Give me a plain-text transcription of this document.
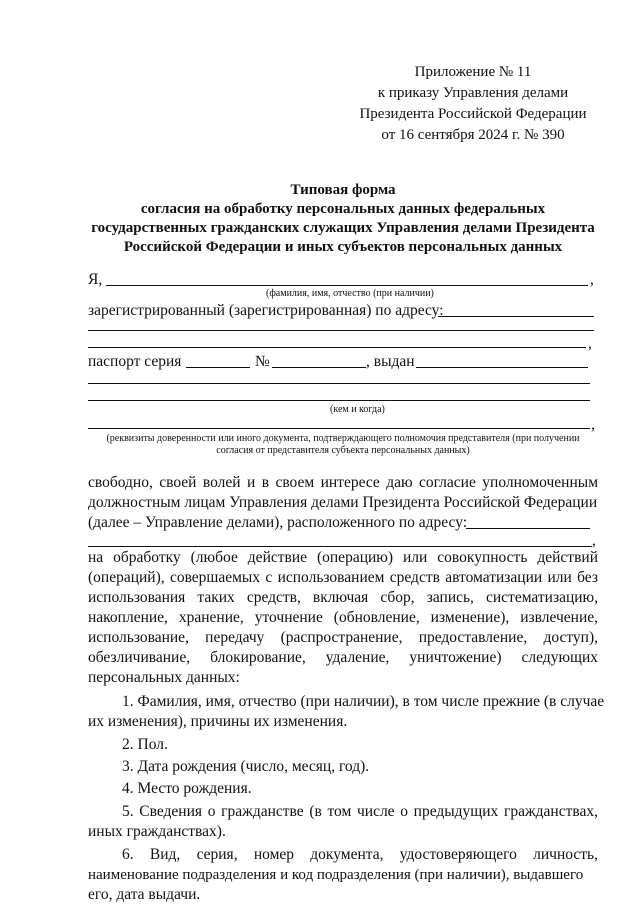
Приложение № 11
к приказу Управления делами
Президента Российской Федерации
от 16 сентября 2024 г. № 390
Типовая форма
согласия на обработку персональных данных федеральных
государственных гражданских служащих Управления делами Президента
Российской Федерации и иных субъектов персональных данных
Я,	,
(фамилия, имя, отчество (при наличии)
зарегистрированный (зарегистрированная) по адресу:
,
паспорт серия	№	, выдан
(кем и когда)
,
(реквизиты доверенности или иного документа, подтверждающего полномочия представителя (при получении
согласия от представителя субъекта персональных данных)
свободно, своей волей и в своем интересе даю согласие уполномоченным
должностным лицам Управления делами Президента Российской Федерации
(далее – Управление делами), расположенного по адресу:
,
на обработку (любое действие (операцию) или совокупность действий
(операций), совершаемых с использованием средств автоматизации или без
использования таких средств, включая сбор, запись, систематизацию,
накопление, хранение, уточнение (обновление, изменение), извлечение,
использование, передачу (распространение, предоставление, доступ),
обезличивание, блокирование, удаление, уничтожение) следующих
персональных данных:
1. Фамилия, имя, отчество (при наличии), в том числе прежние (в случае
их изменения), причины их изменения.
2. Пол.
3. Дата рождения (число, месяц, год).
4. Место рождения.
5. Сведения о гражданстве (в том числе о предыдущих гражданствах,
иных гражданствах).
6. Вид, серия, номер документа, удостоверяющего личность,
наименование подразделения и код подразделения (при наличии), выдавшего
его, дата выдачи.
